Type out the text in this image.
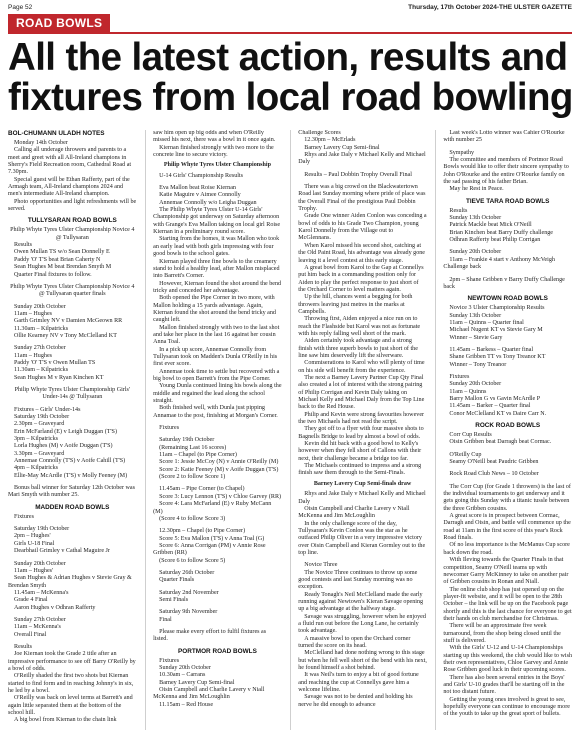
Page 52	Thursday, 17th October 2024-THE ULSTER GAZETTE
ROAD BOWLS
All the latest action, results and
fixtures from local road bowling
BOL-CHUMANN ULADH NOTES

Monday 14th October

Calling all underage throwers and parents to a meet and greet with all All-Ireland champions in Sherry's Field Recreation room, Cathedral Road at 7.30pm.

Special guest will be Ethan Rafferty, part of the Armagh team, All-Ireland champions 2024 and men's intermediate All-Ireland champion.

Photo opportunities and light refreshments will be served.

TULLYSARAN ROAD BOWLS

Philip Whyte Tyres Ulster Championship Novice 4 @ Tullysaran

Results

Owen Mullan TS w/o Sean Donnelly E

Paddy 'O' T'S beat Brian Caherty N

Sean Hughes M beat Brendan Smyth M

Quarter Final fixtures to follow.

Philip Whyte Tyres Ulster Championship Novice 4 @ Tullysaran quarter finals

Sunday 20th October

11am – Hughes

Garth Grimley NV v Damien McGeown RR

11.30am – Kilpatricks

Ollie Kearney NV v Tony McClelland KT

Sunday 27th October

11am – Hughes

Paddy 'O' T'S v Owen Mullan TS

11.30am – Kilpatricks

Sean Hughes M v Ryan Kinchen KT

Philip Whyte Tyres Ulster Championship Girls' Under-14s @ Tullysaran

Fixtures – Girls' Under-14s

Saturday 19th October

2.30pm – Graveyard

Erin McFarland (E) v Leigh Duggan (T'S)

3pm – Kilpatricks

Lorla Hughes (M) v Aoife Duggan (T'S)

3.30pm – Graveyard

Annemae Connolly (T'S) v Aoife Cahill (T'S)

4pm – Kilpatricks

Ellie-May McArdle (T'S) v Molly Feeney (M)

Bonus ball winner for Saturday 12th October was Mari Smyth with number 25.

MADDEN ROAD BOWLS

Fixtures

Saturday 19th October

2pm – Hughes'

Girls U-18 Final

Dearbhail Grimley v Cathal Maguire Jr

Sunday 20th October

11am – Hughes'

Sean Hughes & Adrian Hughes v Stevie Gray & Brendan Smyth

11.45am – McKenna's

Grade 4 Final

Aaron Hughes v Odhran Rafferty

Sunday 27th October

11am – McKenna's

Overall Final

Results

Joe Kiernan took the Grade 2 title after an impressive performance to see off Barry O'Reilly by a bowl of odds.

O'Reilly shaded the first two shots but Kiernan started to find form and in reaching Johnny's in six, he led by a bowl.

O'Reilly was back on level terms at Barrett's and again little separated them at the bottom of the school hill.

A big bowl from Kiernan to the chain link

saw him open up big odds and when O'Reilly missed his next, there was a bowl in it once again.

Kiernan finished strongly with two more to the concrete line to secure victory.

Philip Whyte Tyres Ulster Championship

U-14 Girls' Championship Results

Eva Mallon beat Roise Kiernan

Katie Maguire v Aimee Connolly

Annemae Connolly w/o Leigha Duggan

The Philip Whyte Tyres Ulster U-14 Girls' Championship got underway on Saturday afternoon with Grange's Eva Mallon taking on local girl Roise Kiernan in a preliminary round score.

Starting from the homes, it was Mallon who took an early lead with both girls impressing with four good bowls to the school gates.

Kiernan played three fine bowls to the creamery stand to hold a healthy lead, after Mallon misplaced into Barrett's Corner.

However, Kiernan found the shot around the bend tricky and conceded her advantage.

Both opened the Pipe Corner in two more, with Mallon holding a 15 yards advantage. Again, Kiernan found the shot around the bend tricky and caught left.

Mallon finished strongly with two to the last shot and take her place in the last 16 against her cousin Anna Toal.

In a pick up score, Annemae Connolly from Tullysaran took on Madden's Dunla O'Reilly in his first ever score.

Annemae took time to settle but recovered with a big bowl to open Barrett's from the Pipe Corner.

Young Dunla continued lining his bowls along the middle and regained the lead along the school straight.

Both finished well, with Dunla just pipping Annamae to the post, finishing at Morgan's Corner.

Fixtures

Saturday 19th October

(Remaining Last 16 scores)

11am – Chapel (to Pipe Corner)

Score 1: Jessie McCoy (N) v Annie O'Reilly (M)

Score 2: Katie Feeney (M) v Aoife Duggan (T'S)

(Score 2 to follow Score 1)

11.45am – Pipe Corner (to Chapel)

Score 3: Lucy Lennon (T'S) v Chloe Garvey (RR)

Score 4: Lara McFarland (E) v Ruby McCann (M)

(Score 4 to follow Score 3)

12.30pm – Chapel (to Pipe Corner)

Score 5: Eva Mallon (T'S) v Anna Toal (G)

Score 6: Anna Corrigan (PM) v Annie Rose Gribben (RR)

(Score 6 to follow Score 5)

Saturday 26th October

Quarter Finals

Saturday 2nd November

Semi Finals

Saturday 9th November

Final

Please make every effort to fulfil fixtures as listed.

PORTMOR ROAD BOWLS

Fixtures

Sunday 20th October

10.30am – Carrans

Barney Lavery Cup Semi-final

Oisin Campbell and Charlie Lavery v Niall McKenna and Jim McLoughlin

11.15am – Red House

Challenge Scores

12.30pm – McErlads

Barney Lavery Cup Semi-final

Rhys and Jake Daly v Michael Kelly and Michael Daly

Results – Paul Dobbin Trophy Overall Final

There was a big crowd on the Blackwatertown Road last Sunday morning where pride of place was the Overall Final of the prestigious Paul Dobbin Trophy.

Grade One winner Aiden Conlon was conceding a bowl of odds to his Grade Two Champion, young Karol Donnelly from the Village out to McGlennans.

When Karol missed his second shot, catching at the Old Paint Road, his advantage was already gone leaving it a level contest at this early stage.

A great bowl from Karol to the Gap at Connellys put him back in a commanding position only for Aiden to play the perfect response to just short of the Orchard Corner to level matters again.

Up the hill, chances went a begging for both throwers leaving just metres in the marks at Campbells.

Throwing first, Aiden enjoyed a nice run on to reach the Flashside but Karol was not as fortunate with his reply falling well short of the mark.

Aiden certainly took advantage and a strong finish with three superb bowls to just short of the line saw him deservedly lift the silverware.

Commiserations to Karol who will plenty of time on his side will benefit from the experience.

The next a Barney Lavery Partner Cup Qty Final also created a lot of interest with the strong pairing of Philip Corrigan and Kevin Daly taking on Michael Kelly and Michael Daly from the Top Line back to the Red House.

Philip and Kevin were strong favourites however the two Michaels had not read the script.

They got off to a flyer with four massive shots to Bagnells Bridge to lead by almost a bowl of odds.

Kevin did hit back with a good bowl to Kelly's however when they fell short of Callons with their next, their challenge became a bridge too far.

The Michaels continued to impress and a strong finish saw them through to the Semi-Finals.

Barney Lavery Cup Semi-finals draw

Rhys and Jake Daly v Michael Kelly and Michael Daly

Oisin Campbell and Charlie Lavery v Niall McKenna and Jim McLoughlin

In the only challenge score of the day, Tullysaran's Kevin Conlon was the star as he outfaced Philip Oliver in a very impressive victory over Oisin Campbell and Kieran Gormley out to the top line.

Novice Three

The Novice Three continues to throw up some good contests and last Sunday morning was no exception.

Ready Tonagh's Neil McClelland made the early running against Newtown's Kieran Savage opening up a big advantage at the halfway stage.

Savage was struggling, however when he enjoyed a fluid run out before the Long Lane, he certainly took advantage.

A massive bowl to open the Orchard corner turned the score on its head.

McClelland had done nothing wrong to this stage but when he fell well short of the bend with his next, he found himself a shot behind.

It was Neil's turn to enjoy a bit of good fortune and reaching the cup at Connellys gave him a welcome lifeline.

Savage was not to be denied and holding his nerve he did enough to advance

Last week's Lotto winner was Cahier O'Rourke with number 25

Sympathy

The committee and members of Portmor Road Bowls would like to offer their sincere sympathy to John O'Rourke and the entire O'Rourke family on the sad passing of his father Brian.

May he Rest in Peace.

TIEVE TARA ROAD BOWLS

Results

Sunday 13th October

Patrick Mackle beat Mick O'Neill

Brian Kinchen beat Barry Duffy challenge

Odhran Rafferty beat Philip Corrigan

Sunday 20th October

11am – Frankie 4 start v Anthony McVeigh Challenge back

2pm – Shane Gribben v Barry Duffy Challenge back

NEWTOWN ROAD BOWLS

Novice 3 Ulster Championship Results

Sunday 13th October

11am – Quinns – Quarter final

Michael Nugent KT vs Stevie Gary M

Winner – Stevie Gary

11.45am – Barkess – Quarter final

Shane Gribben TT vs Tony Treanor KT

Winner – Tony Treanor

Fixtures

Sunday 20th October

11am – Quinns

Barry Mallon G vs Gavin McArdle P

11.45am – Barker – Quarter final

Conor McClelland KT vs Daire Carr N.

ROCK ROAD BOWLS

Corr Cup Results

Oisin Gribben beat Darragh beat Cormac.

O'Reilly Cup

Seamy O'Neill beat Paudric Gribben

Rock Road Club News – 10 October

The Corr Cup (for Grade 1 throwers) is the last of the individual tournaments to get underway and it gets going this Sunday with a titanic tussle between the three Gribben cousins.

A great score is in prospect between Cormac, Darragh and Oisin, and battle will commence up the road at 11am in the first score of this year's Rock Road finals.

Of no less importance is the McManus Cup score back down the road.

With Ileving towards the Quarter Finals in that competition, Seamy O'Neill teams up with newcomer Garry McKinney to take on another pair of Gribben cousins in Ronan and Niall.

The online club shop has just opened up on the player-fit website, and it will be open to the 28th October – the link will be up on the Facebook page shortly and this is the last chance for everyone to get their hands on club merchandise for Christmas.

There will be an approximate five week turnaround, from the shop being closed until the stuff is delivered.

With the Girls' U-12 and U-14 Championships starting up this weekend, the club would like to wish their own representatives, Chloe Garvey and Annie Rose Gribben good luck in their upcoming scores.

There has also been several entries in the Boys' and Girls' U-10 grades that'll be starting off in the not too distant future.

Getting the young ones involved is great to see, hopefully everyone can continue to encourage more of the youth to take up the great sport of bullets.
